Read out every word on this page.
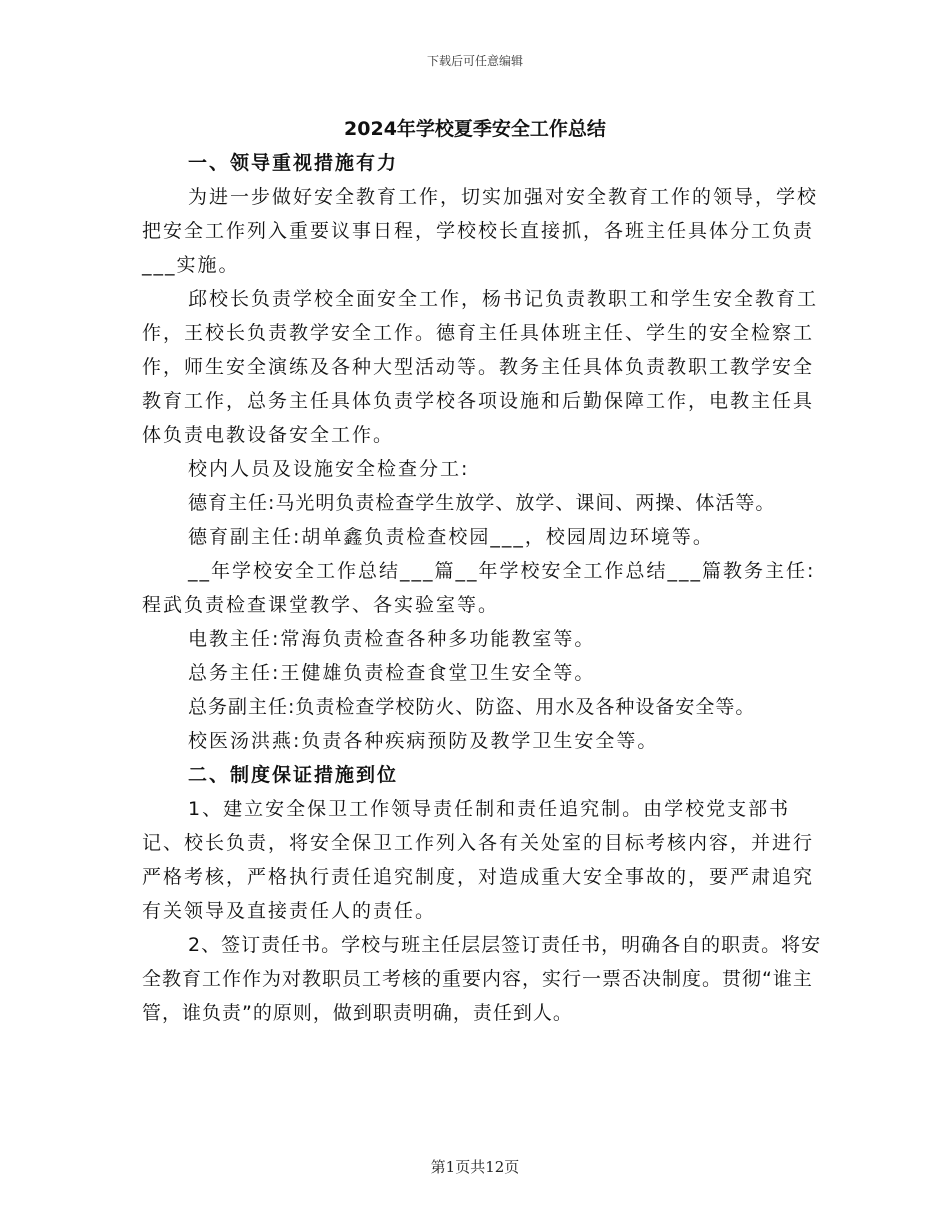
下载后可任意编辑
2024年学校夏季安全工作总结
一、领导重视措施有力
为进一步做好安全教育工作，切实加强对安全教育工作的领导，学校把安全工作列入重要议事日程，学校校长直接抓，各班主任具体分工负责___实施。
邱校长负责学校全面安全工作，杨书记负责教职工和学生安全教育工作，王校长负责教学安全工作。德育主任具体班主任、学生的安全检察工作，师生安全演练及各种大型活动等。教务主任具体负责教职工教学安全教育工作，总务主任具体负责学校各项设施和后勤保障工作，电教主任具体负责电教设备安全工作。
校内人员及设施安全检查分工:
德育主任:马光明负责检查学生放学、放学、课间、两操、体活等。
德育副主任:胡单鑫负责检查校园___，校园周边环境等。
__年学校安全工作总结___篇__年学校安全工作总结___篇教务主任:程武负责检查课堂教学、各实验室等。
电教主任:常海负责检查各种多功能教室等。
总务主任:王健雄负责检查食堂卫生安全等。
总务副主任:负责检查学校防火、防盗、用水及各种设备安全等。
校医汤洪燕:负责各种疾病预防及教学卫生安全等。
二、制度保证措施到位
1、建立安全保卫工作领导责任制和责任追究制。由学校党支部书记、校长负责，将安全保卫工作列入各有关处室的目标考核内容，并进行严格考核，严格执行责任追究制度，对造成重大安全事故的，要严肃追究有关领导及直接责任人的责任。
2、签订责任书。学校与班主任层层签订责任书，明确各自的职责。将安全教育工作作为对教职员工考核的重要内容，实行一票否决制度。贯彻“谁主管，谁负责”的原则，做到职责明确，责任到人。
第1页共12页
